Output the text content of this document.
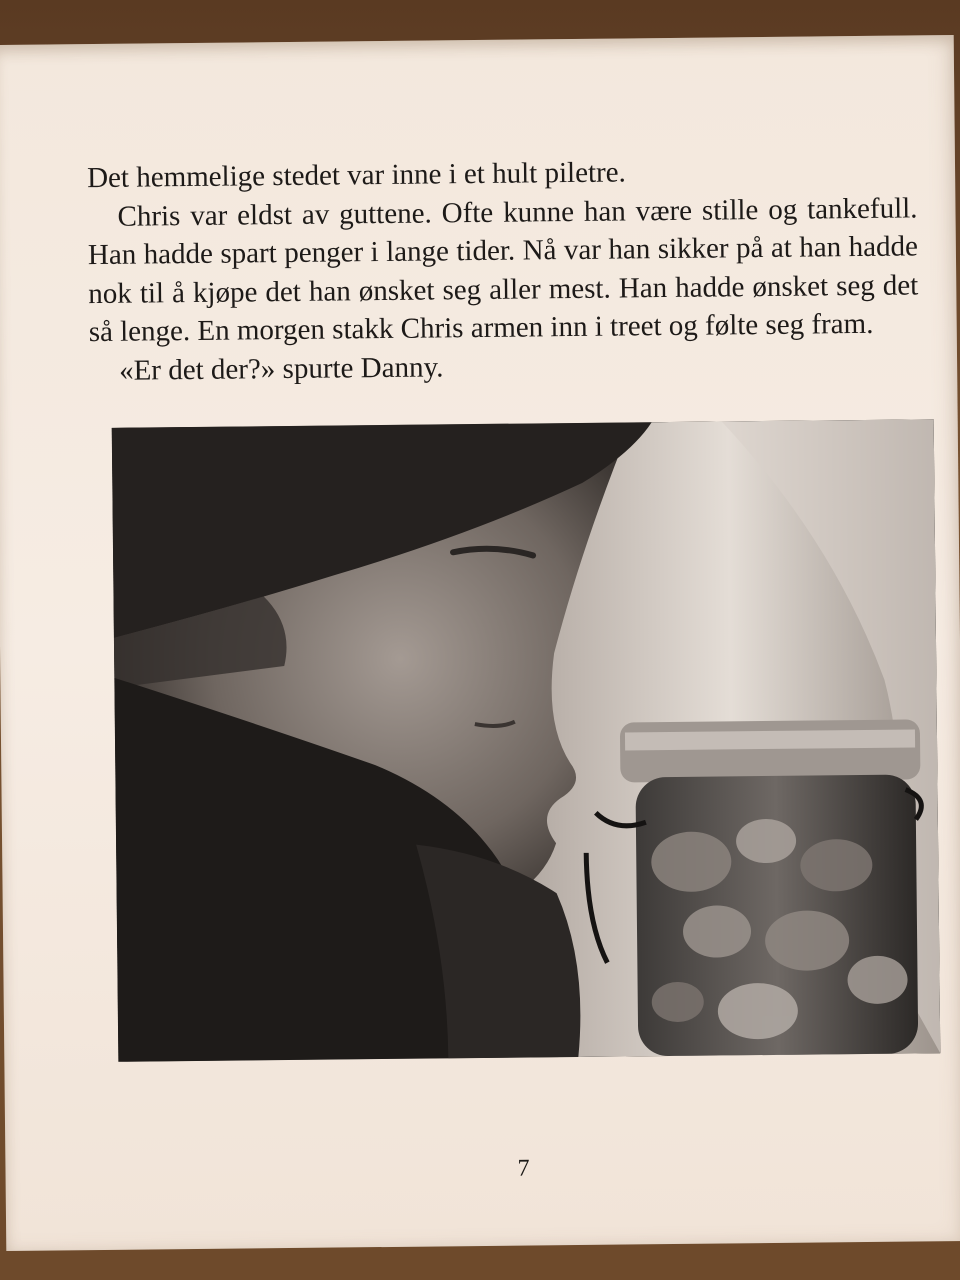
Det hemmelige stedet var inne i et hult piletre.

Chris var eldst av guttene. Ofte kunne han være stille og tankefull. Han hadde spart penger i lange tider. Nå var han sikker på at han hadde nok til å kjøpe det han ønsket seg aller mest. Han hadde ønsket seg det så lenge. En morgen stakk Chris armen inn i treet og følte seg fram.

«Er det der?» spurte Danny.

7
